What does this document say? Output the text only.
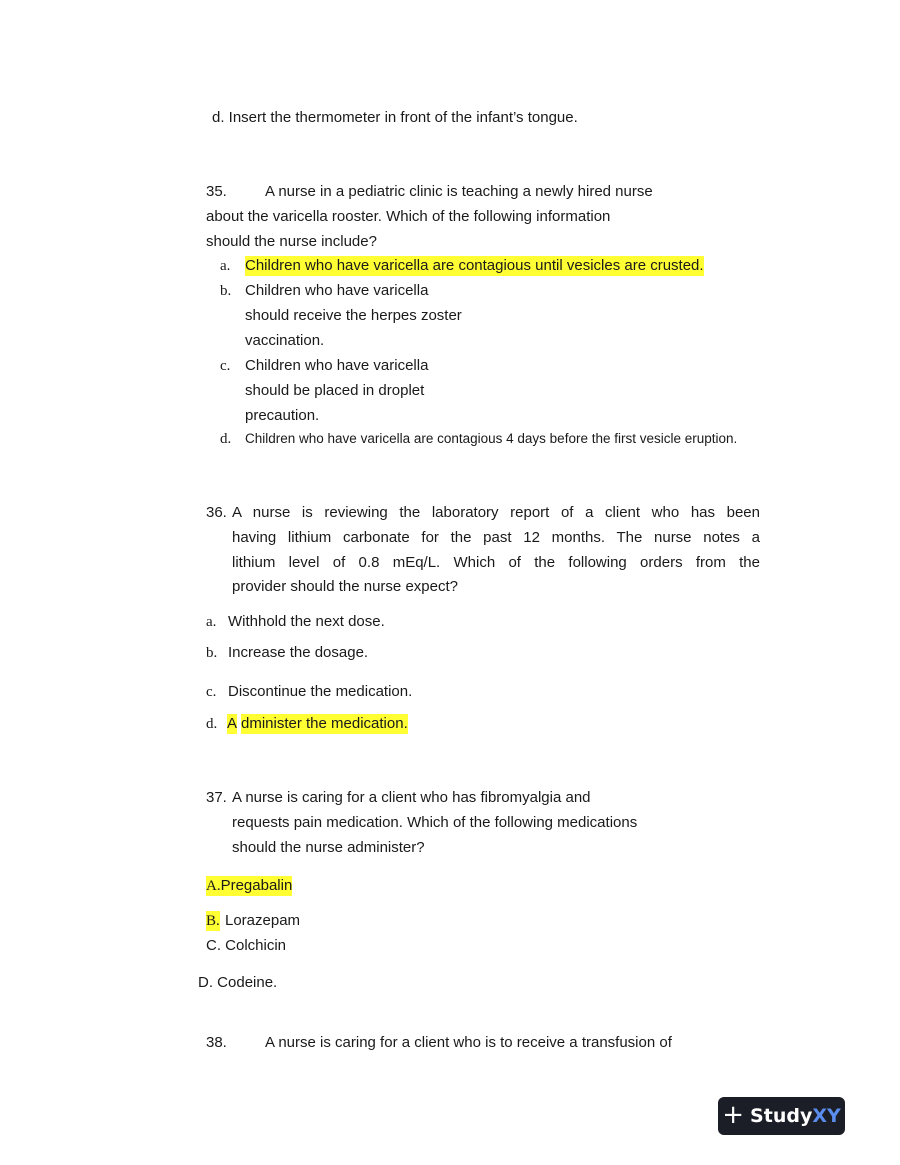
d. Insert the thermometer in front of the infant’s tongue.
35.	A nurse in a pediatric clinic is teaching a newly hired nurse
about the varicella rooster. Which of the following information
should the nurse include?
a. Children who have varicella are contagious until vesicles are crusted.
b. Children who have varicella
should receive the herpes zoster
vaccination.
c. Children who have varicella
should be placed in droplet
precaution.
d. Children who have varicella are contagious 4 days before the first vesicle eruption.
36. A nurse is reviewing the laboratory report of a client who has been
having lithium carbonate for the past 12 months. The nurse notes a
lithium level of 0.8 mEq/L. Which of the following orders from the
provider should the nurse expect?
a. Withhold the next dose.
b. Increase the dosage.
c. Discontinue the medication.
d. A dminister the medication.
37. A nurse is caring for a client who has fibromyalgia and
requests pain medication. Which of the following medications
should the nurse administer?
A.Pregabalin
B. Lorazepam
C. Colchicin
D. Codeine.
38.	A nurse is caring for a client who is to receive a transfusion of
+ StudyXY
